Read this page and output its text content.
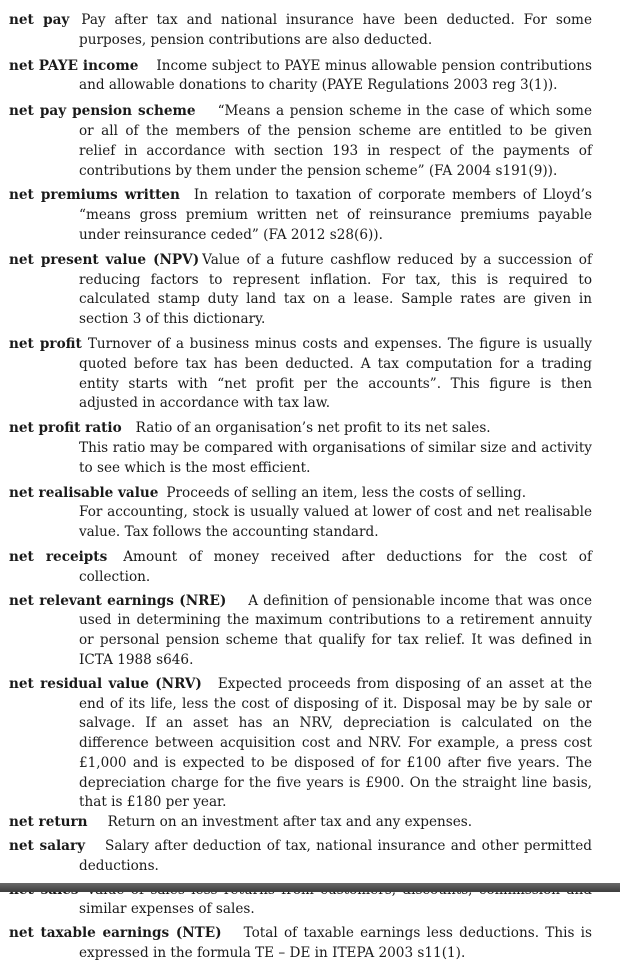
net pay Pay after tax and national insurance have been deducted. For some purposes, pension contributions are also deducted.

net PAYE income Income subject to PAYE minus allowable pension contributions and allowable donations to charity (PAYE Regulations 2003 reg 3(1)).

net pay pension scheme “Means a pension scheme in the case of which some or all of the members of the pension scheme are entitled to be given relief in accordance with section 193 in respect of the payments of contributions by them under the pension scheme” (FA 2004 s191(9)).

net premiums written In relation to taxation of corporate members of Lloyd’s “means gross premium written net of reinsurance premiums payable under reinsurance ceded” (FA 2012 s28(6)).

net present value (NPV) Value of a future cashflow reduced by a succession of reducing factors to represent inflation. For tax, this is required to calculated stamp duty land tax on a lease. Sample rates are given in section 3 of this dictionary.

net profit Turnover of a business minus costs and expenses. The figure is usually quoted before tax has been deducted. A tax computation for a trading entity starts with “net profit per the accounts”. This figure is then adjusted in accordance with tax law.

net profit ratio Ratio of an organisation’s net profit to its net sales.
This ratio may be compared with organisations of similar size and activity to see which is the most efficient.

net realisable value Proceeds of selling an item, less the costs of selling.
For accounting, stock is usually valued at lower of cost and net realisable value. Tax follows the accounting standard.

net receipts Amount of money received after deductions for the cost of collection.

net relevant earnings (NRE) A definition of pensionable income that was once used in determining the maximum contributions to a retirement annuity or personal pension scheme that qualify for tax relief. It was defined in ICTA 1988 s646.

net residual value (NRV) Expected proceeds from disposing of an asset at the end of its life, less the cost of disposing of it. Disposal may be by sale or salvage. If an asset has an NRV, depreciation is calculated on the difference between acquisition cost and NRV. For example, a press cost £1,000 and is expected to be disposed of for £100 after five years. The depreciation charge for the five years is £900. On the straight line basis, that is £180 per year.

net return Return on an investment after tax and any expenses.

net salary Salary after deduction of tax, national insurance and other permitted deductions.

similar expenses of sales.

net taxable earnings (NTE) Total of taxable earnings less deductions. This is expressed in the formula TE – DE in ITEPA 2003 s11(1).
